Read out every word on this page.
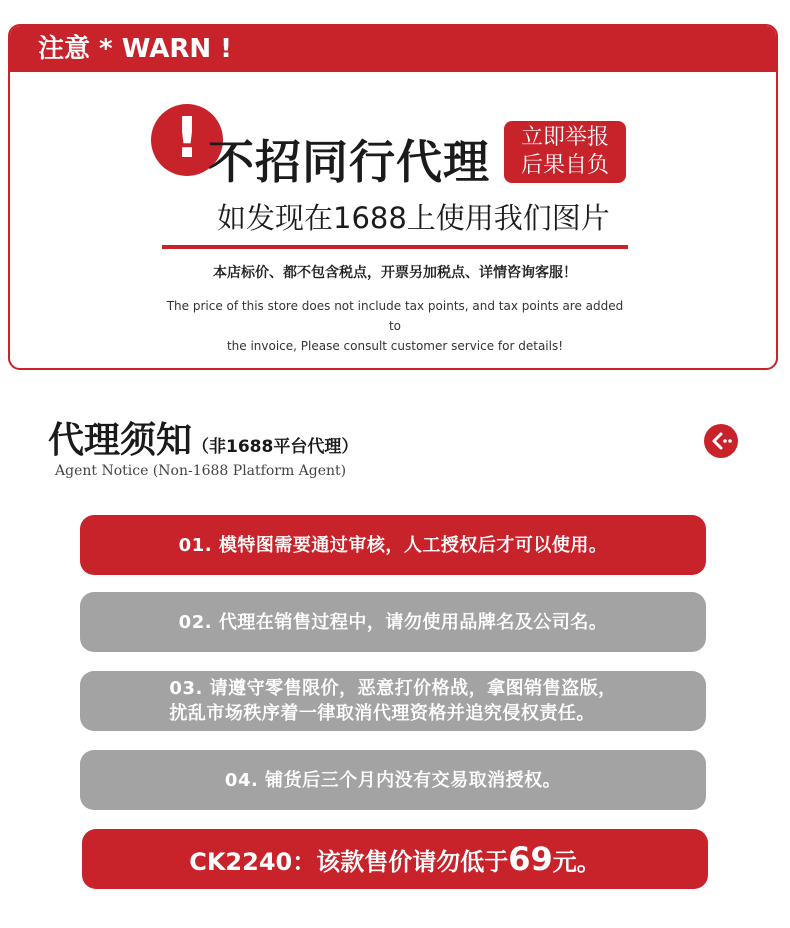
注意 * WARN !
! 不招同行代理	立即举报
后果自负
如发现在1688上使用我们图片
本店标价、都不包含税点，开票另加税点、详情咨询客服！
The price of this store does not include tax points, and tax points are added to
the invoice, Please consult customer service for details!
代理须知（非1688平台代理）
Agent Notice (Non-1688 Platform Agent)
01. 模特图需要通过审核，人工授权后才可以使用。
02. 代理在销售过程中，请勿使用品牌名及公司名。
03. 请遵守零售限价，恶意打价格战，拿图销售盗版，
扰乱市场秩序着一律取消代理资格并追究侵权责任。
04. 铺货后三个月内没有交易取消授权。
CK2240：该款售价请勿低于69元。
